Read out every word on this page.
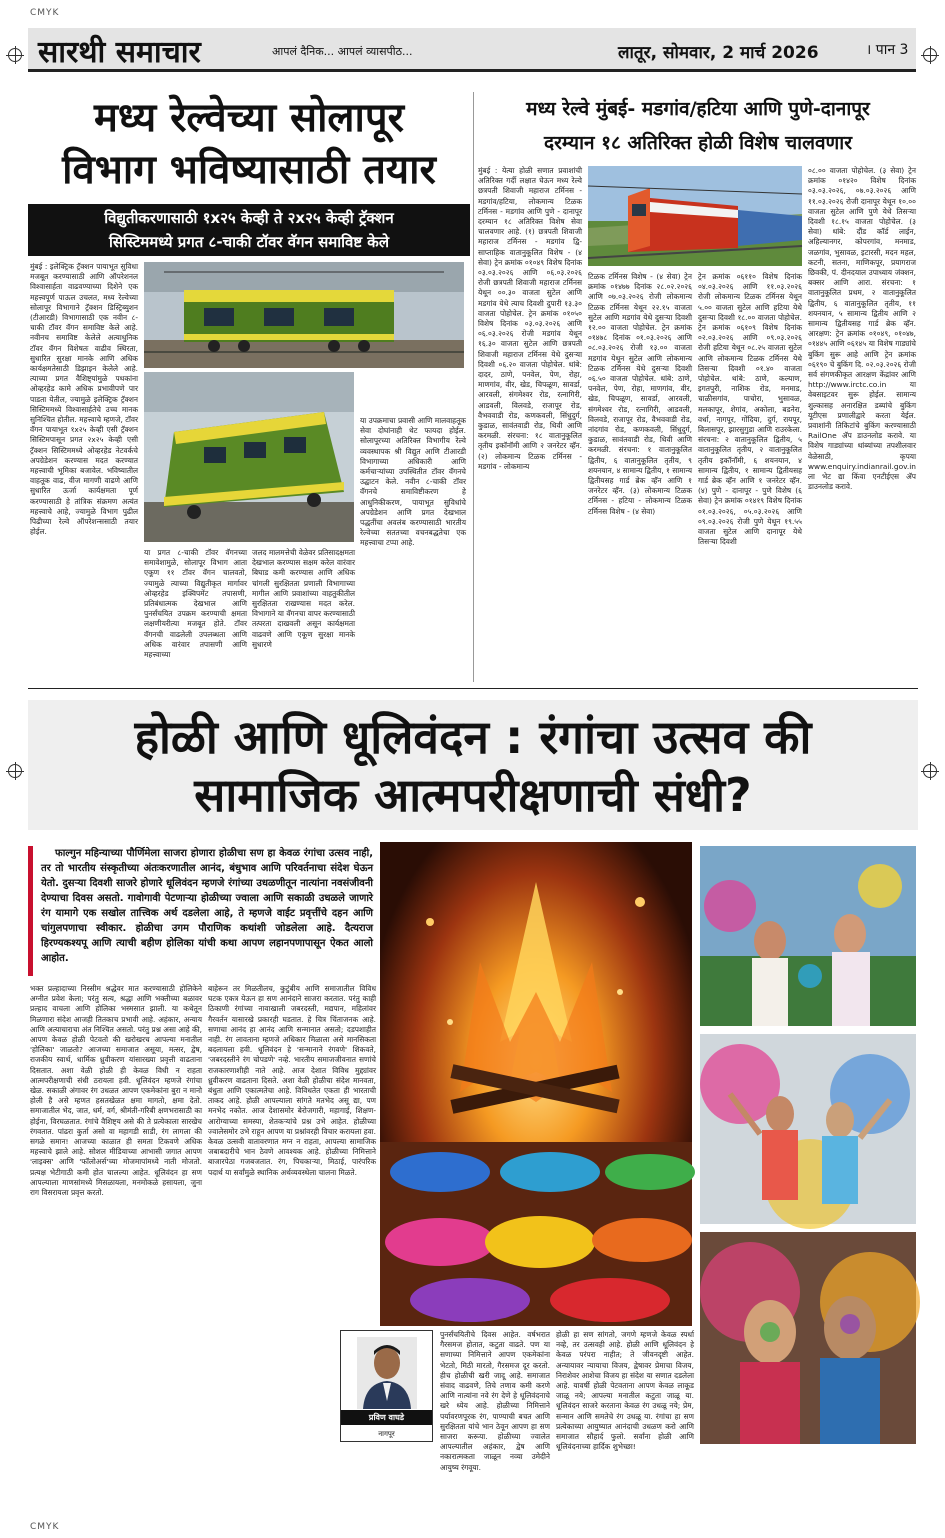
CMYK
CMYK
सारथी समाचार	आपलं दैनिक... आपलं व्यासपीठ...	लातूर, सोमवार, 2 मार्च 2026	। पान 3
मध्य रेल्वेच्या सोलापूर
विभाग भविष्यासाठी तयार
विद्युतीकरणासाठी १x२५ केव्ही ते २x२५ केव्ही ट्रॅक्शन
सिस्टिममध्ये प्रगत ८-चाकी टॉवर वॅगन समाविष्ट केले
मुंबई : इलेक्ट्रिक ट्रॅक्शन पायाभूत सुविधा मजबूत करण्यासाठी आणि ऑपरेशनल विश्वासार्हता वाढवण्याच्या दिशेने एक महत्त्वपूर्ण पाऊल उचलत, मध्य रेल्वेच्या सोलापूर विभागाने ट्रॅक्शन डिस्ट्रिब्युशन (टीआरडी) विभागासाठी एक नवीन ८-चाकी टॉवर वॅगन समाविष्ट केले आहे. नवीनच समाविष्ट केलेले अत्याधुनिक टॉवर वॅगन विशेषतः वाढीव स्थिरता, सुधारित सुरक्षा मानके आणि अधिक कार्यक्षमतेसाठी डिझाइन केलेले आहे. त्याच्या प्रगत वैशिष्ट्यांमुळे पथकांना ओव्हरहेड कामे अधिक प्रभावीपणे पार पाडता येतील, ज्यामुळे इलेक्ट्रिक ट्रॅक्शन सिस्टिममध्ये विश्वासार्हतेचे उच्च मानक सुनिश्चित होतील. महत्त्वाचे म्हणजे, टॉवर वॅगन पायाभूत १x२५ केव्ही एसी ट्रॅक्शन सिस्टिमपासून प्रगत २x२५ केव्ही एसी ट्रॅक्शन सिस्टिममध्ये ओव्हरहेड नेटवर्कचे अपग्रेडेशन करण्यास मदत करण्यात महत्त्वाची भूमिका बजावेल. भविष्यातील वाहतूक वाढ, वीज मागणी वाढणे आणि सुधारित ऊर्जा कार्यक्षमता पूर्ण करण्यासाठी हे तांत्रिक संक्रमण अत्यंत महत्त्वाचे आहे, ज्यामुळे विभाग पुढील पिढीच्या रेल्वे ऑपरेशन्ससाठी तयार होईल.
या प्रगत ८-चाकी टॉवर वॅगनच्या समावेशामुळे, सोलापूर विभाग आता एकूण ११ टॉवर वॅगन चालवतो, ज्यामुळे त्याच्या विद्युतीकृत मार्गावर ओव्हरहेड इक्विपमेंट तपासणी, प्रतिबंधात्मक देखभाल आणि पुनर्संचयित उपक्रम करण्याची क्षमता लक्षणीयरीत्या मजबूत होते. टॉवर वॅगनची वाढलेली उपलब्धता आणि अधिक वारंवार तपासणी आणि महत्त्वाच्या
जलद मालमत्तेची वेळेवर प्रतिसादक्षमता देखभाल करण्यास सक्षम करेल वारंवार बिघाड कमी करण्यास आणि अधिक चांगली सुरक्षितता प्रणाली विभागाच्या मागील आणि प्रवाशांच्या वाहतुकीतील सुरक्षितता राखण्यास मदत करेल. विभागाने या वॅगनचा वापर करण्यासाठी तत्परता दाखवली असून कार्यक्षमता वाढवणे आणि एकूण सुरक्षा मानके सुधारणे
या उपक्रमाचा प्रवासी आणि मालवाहतूक सेवा दोघांनाही थेट फायदा होईल. सोलापूरच्या अतिरिक्त विभागीय रेल्वे व्यवस्थापक श्री विद्युत आणि टीआरडी विभागाच्या अधिकारी आणि कर्मचाऱ्यांच्या उपस्थितीत टॉवर वॅगनचे उद्घाटन केले. नवीन ८-चाकी टॉवर वॅगनचे समाविष्टीकरण हे आधुनिकीकरण, पायाभूत सुविधांचे अपग्रेडेशन आणि प्रगत देखभाल पद्धतींचा अवलंब करण्यासाठी भारतीय रेल्वेच्या सततच्या वचनबद्धतेचा एक महत्त्वाचा टप्पा आहे.
मध्य रेल्वे मुंबई- मडगांव/हटिया आणि पुणे-दानापूर
दरम्यान १८ अतिरिक्त होळी विशेष चालवणार
मुंबई : येत्या होळी सणात प्रवाशांची अतिरिक्त गर्दी लक्षात घेऊन मध्य रेल्वे छत्रपती शिवाजी महाराज टर्मिनस - मडगांव/हटिया, लोकमान्य टिळक टर्मिनस - मडगांव आणि पुणे - दानापूर दरम्यान १८ अतिरिक्त विशेष सेवा चालवणार आहे. (१) छत्रपती शिवाजी महाराज टर्मिनस - मडगांव द्वि-साप्ताहिक वातानुकूलित विशेष - (४ सेवा) ट्रेन क्रमांक ०१०४९ विशेष दिनांक ०३.०३.२०२६ आणि ०६.०३.२०२६ रोजी छत्रपती शिवाजी महाराज टर्मिनस येथून ००.३० वाजता सुटेल आणि मडगांव येथे त्याच दिवशी दुपारी १३.३० वाजता पोहोचेल. ट्रेन क्रमांक ०१०५० विशेष दिनांक ०३.०३.२०२६ आणि ०६.०३.२०२६ रोजी मडगांव येथून १६.३० वाजता सुटेल आणि छत्रपती शिवाजी महाराज टर्मिनस येथे दुसऱ्या दिवशी ०६.२० वाजता पोहोचेल. थांबे: दादर, ठाणे, पनवेल, पेण, रोहा, माणगांव, वीर, खेड, चिपळूण, सावर्डा, आरवली, संगमेश्वर रोड, रत्नागिरी, आडवली, विलवडे, राजापूर रोड, वैभववाडी रोड, कणकवली, सिंधुदुर्ग, कुडाळ, सावंतवाडी रोड, थिवी आणि करमळी. संरचना: १८ वातानुकूलित तृतीय इकॉनॉमी आणि २ जनरेटर व्हॅन. (२) लोकमान्य टिळक टर्मिनस - मडगांव - लोकमान्य
टिळक टर्मिनस विशेष - (४ सेवा) ट्रेन क्रमांक ०१४७७ दिनांक २८.०२.२०२६ आणि ०७.०३.२०२६ रोजी लोकमान्य टिळक टर्मिनस येथून २२.१५ वाजता सुटेल आणि मडगांव येथे दुसऱ्या दिवशी १२.०० वाजता पोहोचेल. ट्रेन क्रमांक ०१४७८ दिनांक ०१.०३.२०२६ आणि ०८.०३.२०२६ रोजी १३.०० वाजता मडगांव येथून सुटेल आणि लोकमान्य टिळक टर्मिनस येथे दुसऱ्या दिवशी ०६.५० वाजता पोहोचेल. थांबे: ठाणे, पनवेल, पेण, रोहा, माणगांव, वीर, खेड, चिपळूण, सावर्डा, आरवली, संगमेश्वर रोड, रत्नागिरी, आडवली, विलवडे, राजापूर रोड, वैभववाडी रोड, नांदगांव रोड, कणकवली, सिंधुदुर्ग, कुडाळ, सावंतवाडी रोड, थिवी आणि करमळी. संरचना: १ वातानुकूलित द्वितीय, ६ वातानुकूलित तृतीय, ९ शयनयान, ४ सामान्य द्वितीय, १ सामान्य द्वितीयसह गार्ड ब्रेक व्हॅन आणि १ जनरेटर व्हॅन. (३) लोकमान्य टिळक टर्मिनस - हटिया - लोकमान्य टिळक टर्मिनस विशेष - (४ सेवा)
ट्रेन क्रमांक ०६११० विशेष दिनांक ०४.०३.२०२६ आणि ११.०३.२०२६ रोजी लोकमान्य टिळक टर्मिनस येथून ५.०० वाजता सुटेल आणि हटिया येथे दुसऱ्या दिवशी १८.०० वाजता पोहोचेल. ट्रेन क्रमांक ०६१०९ विशेष दिनांक ०२.०३.२०२६ आणि ०९.०३.२०२६ रोजी हटिया येथून ०८.२५ वाजता सुटेल आणि लोकमान्य टिळक टर्मिनस येथे तिसऱ्या दिवशी ०१.४० वाजता पोहोचेल. थांबे: ठाणे, कल्याण, इगतपुरी, नाशिक रोड, मनमाड, चाळीसगांव, पाचोरा, भुसावळ, मलकापूर, शेगांव, अकोला, बडनेरा, वर्धा, नागपूर, गोंदिया, दुर्ग, रायपूर, बिलासपूर, झारसुगुडा आणि राउरकेला. संरचना: २ वातानुकूलित द्वितीय, ५ वातानुकूलित तृतीय, २ वातानुकूलित तृतीय इकॉनॉमी, ६ शयनयान, ४ सामान्य द्वितीय, १ सामान्य द्वितीयसह गार्ड ब्रेक व्हॅन आणि १ जनरेटर व्हॅन. (४) पुणे - दानापूर - पुणे विशेष (६ सेवा) ट्रेन क्रमांक ०१४१९ विशेष दिनांक ०१.०३.२०२६, ०५.०३.२०२६ आणि ०९.०३.२०२६ रोजी पुणे येथून १९.५५ वाजता सुटेल आणि दानापूर येथे तिसऱ्या दिवशी
०८.०० वाजता पोहोचेल. (३ सेवा) ट्रेन क्रमांक ०१४२० विशेष दिनांक ०३.०३.२०२६, ०७.०३.२०२६ आणि ११.०३.२०२६ रोजी दानापूर येथून १०.०० वाजता सुटेल आणि पुणे येथे तिसऱ्या दिवशी १८.१५ वाजता पोहोचेल. (३ सेवा) थांबे: दौंड कॉर्ड लाईन, अहिल्यानगर, कोपरगांव, मनमाड, जळगांव, भुसावळ, इटारसी, मदन महल, कटनी, सतना, माणिकपूर, प्रयागराज छिवकी, पं. दीनदयाल उपाध्याय जंक्शन, बक्सर आणि आरा. संरचना: १ वातानुकूलित प्रथम, २ वातानुकूलित द्वितीय, ६ वातानुकूलित तृतीय, ११ शयनयान, ५ सामान्य द्वितीय आणि २ सामान्य द्वितीयसह गार्ड ब्रेक व्हॅन. आरक्षण: ट्रेन क्रमांक ०१०४९, ०१०४७, ०१४४५ आणि ०६१४५ या विशेष गाड्यांचे बुकिंग सुरू आहे आणि ट्रेन क्रमांक ०६१९० चे बुकिंग दि. ०२.०३.२०२६ रोजी सर्व संगणकीकृत आरक्षण केंद्रांवर आणि http://www.irctc.co.in या वेबसाइटवर सुरू होईल. सामान्य शुल्कासह अनारक्षित डब्यांचे बुकिंग यूटीएस प्रणालीद्वारे करता येईल. प्रवाशांनी तिकिटांचे बुकिंग करण्यासाठी RailOne ॲप डाउनलोड करावे. या विशेष गाड्यांच्या थांब्यांच्या तपशीलवार वेळेसाठी, कृपया www.enquiry.indianrail.gov.in ला भेट द्या किंवा एनटीईएस ॲप डाउनलोड करावे.
होळी आणि धूलिवंदन : रंगांचा उत्सव की
सामाजिक आत्मपरीक्षणाची संधी?

फाल्गुन महिन्याच्या पौर्णिमेला साजरा होणारा होळीचा सण हा केवळ रंगांचा उत्सव नाही, तर तो भारतीय संस्कृतीच्या अंतःकरणातील आनंद, बंधुभाव आणि परिवर्तनाचा संदेश घेऊन येतो. दुसऱ्या दिवशी साजरे होणारे धूलिवंदन म्हणजे रंगांच्या उधळणीतून नात्यांना नवसंजीवनी देण्याचा दिवस असतो. गावोगावी पेटणाऱ्या होळीच्या ज्वाला आणि सकाळी उधळले जाणारे रंग यामागे एक सखोल तात्त्विक अर्थ दडलेला आहे, ते म्हणजे वाईट प्रवृत्तींचे दहन आणि चांगुलपणाचा स्वीकार. होळीचा उगम पौराणिक कथांशी जोडलेला आहे. दैत्यराज हिरण्यकश्यपू आणि त्याची बहीण होलिका यांची कथा आपण लहानपणापासून ऐकत आलो आहोत.

भक्त प्रल्हादाच्या निस्सीम श्रद्धेवर मात करण्यासाठी होलिकेने अग्नीत प्रवेश केला; परंतु सत्य, श्रद्धा आणि भक्तीच्या बळावर प्रल्हाद वाचला आणि होलिका भस्मसात झाली. या कथेतून मिळणारा संदेश आजही तितकाच प्रभावी आहे. अहंकार, अन्याय आणि अत्याचाराचा अंत निश्चित असतो. परंतु प्रश्न असा आहे की, आपण केवळ होळी पेटवतो की खरोखरच आपल्या मनातील 'होलिका' जाळतो? आजच्या समाजात असूया, मत्सर, द्वेष, राजकीय स्वार्थ, धार्मिक ध्रुवीकरण यांसारख्या प्रवृत्ती वाढताना दिसतात. अशा वेळी होळी ही केवळ विधी न राहता आत्मपरीक्षणाची संधी ठरायला हवी. धूलिवंदन म्हणजे रंगांचा खेळ. सकाळी अंगावर रंग उधळत आपण एकमेकांना बुरा न मानो होली है असे म्हणत हसतखेळत क्षमा मागतो, क्षमा देतो. समाजातील भेद, जात, धर्म, वर्ग, श्रीमंती-गरिबी क्षणभरासाठी का होईना, विरघळतात. रंगांचे वैशिष्ट्य असे की ते प्रत्येकाला सारखेच रंगवतात. पांढरा कुर्ता असो वा महागडी साडी, रंग लागला की सगळे समान! आजच्या काळात ही समता टिकवणे अधिक महत्त्वाचे झाले आहे. सोशल मीडियाच्या आभासी जगात आपण 'लाइक्स' आणि 'फॉलोअर्स'च्या मोजमापांमध्ये नाती मोजतो. प्रत्यक्ष भेटीगाठी कमी होत चालल्या आहेत. धूलिवंदन हा सण आपल्याला माणसांमध्ये मिसळायला, मनमोकळे हसायला, जुना राग विसरायला प्रवृत्त करतो.
बाहेरून तर मिळतीलच, कुटुंबीय आणि समाजातील विविध घटक एकत्र येऊन हा सण आनंदाने साजरा करतात. परंतु काही ठिकाणी रंगांच्या नावाखाली जबरदस्ती, मद्यपान, महिलांवर गैरवर्तन यासारखे प्रकारही घडतात. हे चित्र चिंताजनक आहे. सणाचा आनंद हा आनंद आणि सन्मानात असतो; दडपशाहीत नाही. रंग लावताना म्हणजे अधिकार मिळाला असे मानसिकता बदलायला हवी. धूलिवंदन हे 'सन्मानाने रंगवणे' शिकवते, 'जबरदस्तीने रंग चोपडणे' नव्हे. भारतीय समाजजीवनात सणांचे राजकारणाशीही नाते आहे. आज देशात विविध मुद्द्यांवर ध्रुवीकरण वाढताना दिसते. अशा वेळी होळीचा संदेश मानवता, बंधुता आणि एकात्मतेचा आहे. विविधतेत एकता ही भारताची ताकद आहे. होळी आपल्याला सांगते मतभेद असू द्या, पण मनभेद नकोत. आज देशासमोर बेरोजगारी, महागाई, शिक्षण-आरोग्याच्या समस्या, शेतकऱ्यांचे प्रश्न उभे आहेत. होळीच्या ज्वालेसमोर उभे राहून आपण या प्रश्नांवरही विचार करायला हवा. केवळ उत्सवी वातावरणात मग्न न राहता, आपल्या सामाजिक जबाबदारीचे भान ठेवणे आवश्यक आहे. होळीच्या निमित्ताने बाजारपेठा गजबजतात. रंग, पिचकाऱ्या, मिठाई, पारंपरिक पदार्थ या सर्वांमुळे स्थानिक अर्थव्यवस्थेला चालना मिळते.
पुनर्संचयितीचे दिवस आहेत. वर्षभरात गैरसमज होतात, कटुता वाढते. पण या सणाच्या निमित्ताने आपण एकमेकांना भेटतो, मिठी मारतो, गैरसमज दूर करतो. हीच होळीची खरी जादू आहे. समाजात संवाद वाढवणे, तिचे तणाव कमी करणे आणि नात्यांना नवे रंग देणे हे धूलिवंदनाचे खरे ध्येय आहे. होळीच्या निमित्ताने पर्यावरणपूरक रंग, पाण्याची बचत आणि सुरक्षितता यांचे भान ठेवून आपण हा सण साजरा करूया. होळीच्या ज्वालेत आपल्यातील अहंकार, द्वेष आणि नकारात्मकता जाळून नव्या उमेदीने आयुष्य रंगवूया.
होळी हा सण सांगतो, जगणे म्हणजे केवळ स्पर्धा नव्हे, तर उत्सवही आहे. होळी आणि धूलिवंदन हे केवळ परंपरा नाहीत; ते जीवनदृष्टी आहेत. अन्यायावर न्यायाचा विजय, द्वेषावर प्रेमाचा विजय, निराशेवर आशेचा विजय हा संदेश या सणात दडलेला आहे. यावर्षी होळी पेटवताना आपण केवळ लाकूड जाळू नये; आपल्या मनातील कटुता जाळू या. धूलिवंदन साजरे करताना केवळ रंग उधळू नये; प्रेम, सन्मान आणि समतेचे रंग उधळू या. रंगांचा हा सण प्रत्येकाच्या आयुष्यात आनंदाची उधळण करो आणि समाजात सौहार्द फुलो. सर्वांना होळी आणि धूलिवंदनाच्या हार्दिक शुभेच्छा!
प्रविण वाघडे
नागपूर
